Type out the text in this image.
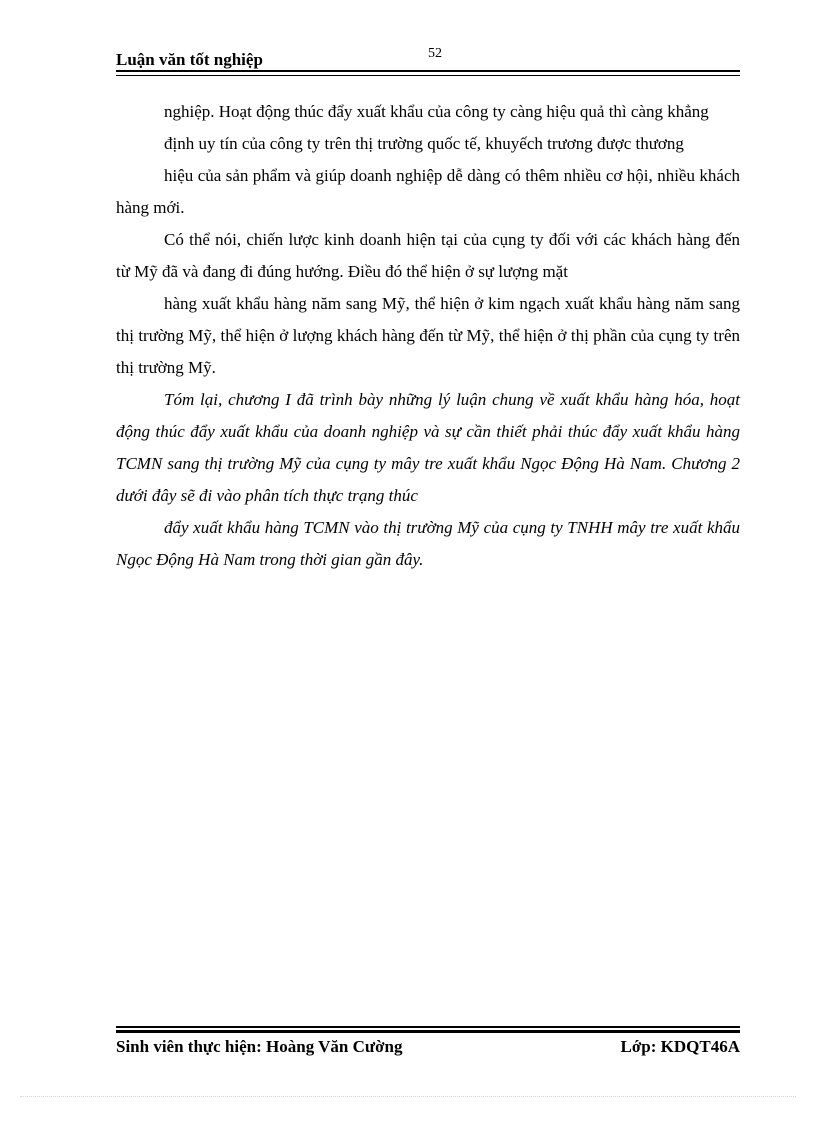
Luận văn tốt nghiệp	52

nghiệp. Hoạt động thúc đẩy xuất khẩu của công ty càng hiệu quả thì càng khẳng

định uy tín của công ty trên thị trường quốc tế, khuyếch trương được thương

hiệu của sản phẩm và giúp doanh nghiệp dễ dàng có thêm nhiều cơ hội, nhiều khách hàng mới.

Có thể nói, chiến lược kinh doanh hiện tại của cụng ty đối với các khách hàng đến từ Mỹ đã và đang đi đúng hướng. Điều đó thể hiện ở sự lượng mặt

hàng xuất khẩu hàng năm sang Mỹ, thể hiện ở kim ngạch xuất khẩu hàng năm sang thị trường Mỹ, thể hiện ở lượng khách hàng đến từ Mỹ, thể hiện ở thị phần của cụng ty trên thị trường Mỹ.

Tóm lại, chương I đã trình bày những lý luận chung về xuất khẩu hàng hóa, hoạt động thúc đẩy xuất khẩu của doanh nghiệp và sự cần thiết phải thúc đẩy xuất khẩu hàng TCMN sang thị trường Mỹ của cụng ty mây tre xuất khẩu Ngọc Động Hà Nam. Chương 2 dưới đây sẽ đi vào phân tích thực trạng thúc

đẩy xuất khẩu hàng TCMN vào thị trường Mỹ của cụng ty TNHH mây tre xuất khẩu Ngọc Động Hà Nam trong thời gian gần đây.

Sinh viên thực hiện: Hoàng Văn Cường	Lớp: KDQT46A
